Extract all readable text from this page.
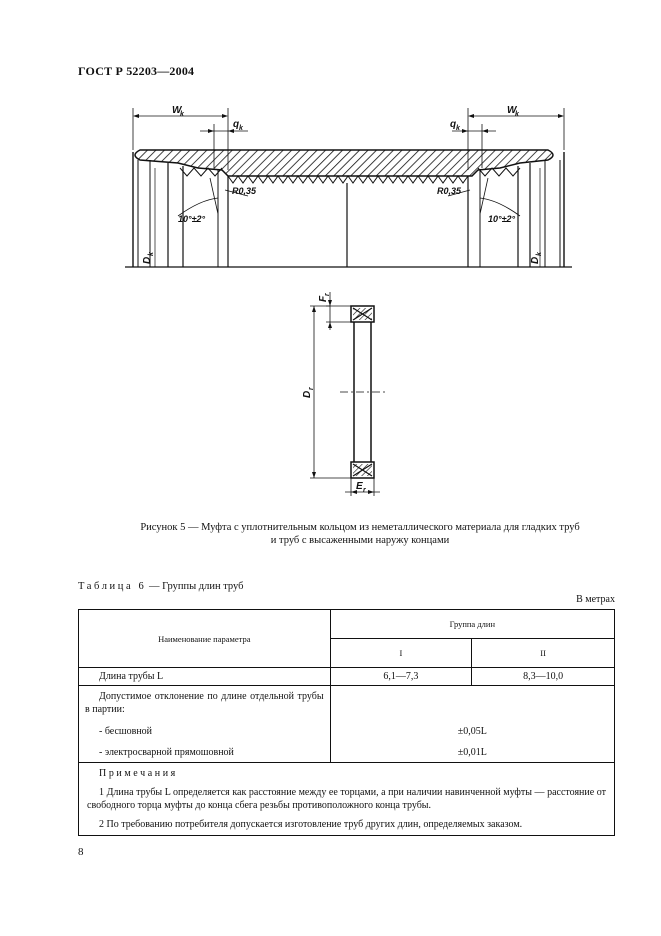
ГОСТ Р 52203—2004
W
k	W
k
q k	q k
R0,35	R0,35
10°±2°	10°±2°
D
k
D
k
F
r
D
r
E r
Рисунок 5 — Муфта с уплотнительным кольцом из неметаллического материала для гладких труб
и труб с высаженными наружу концами
Таблица 6 — Группы длин труб
В метрах
Наименование параметра	Группа длин	
	I	II
Длина трубы L	6,1—7,3	8,3—10,0
Допустимое отклонение по длине отдельной трубы в партии:		
- бесшовной	±0,05L	
- электросварной прямошовной	±0,01L	

Примечания
1 Длина трубы L определяется как расстояние между ее торцами, а при наличии навинченной муфты — расстояние от свободного торца муфты до конца сбега резьбы противоположного конца трубы.
2 По требованию потребителя допускается изготовление труб других длин, определяемых заказом.		
8
